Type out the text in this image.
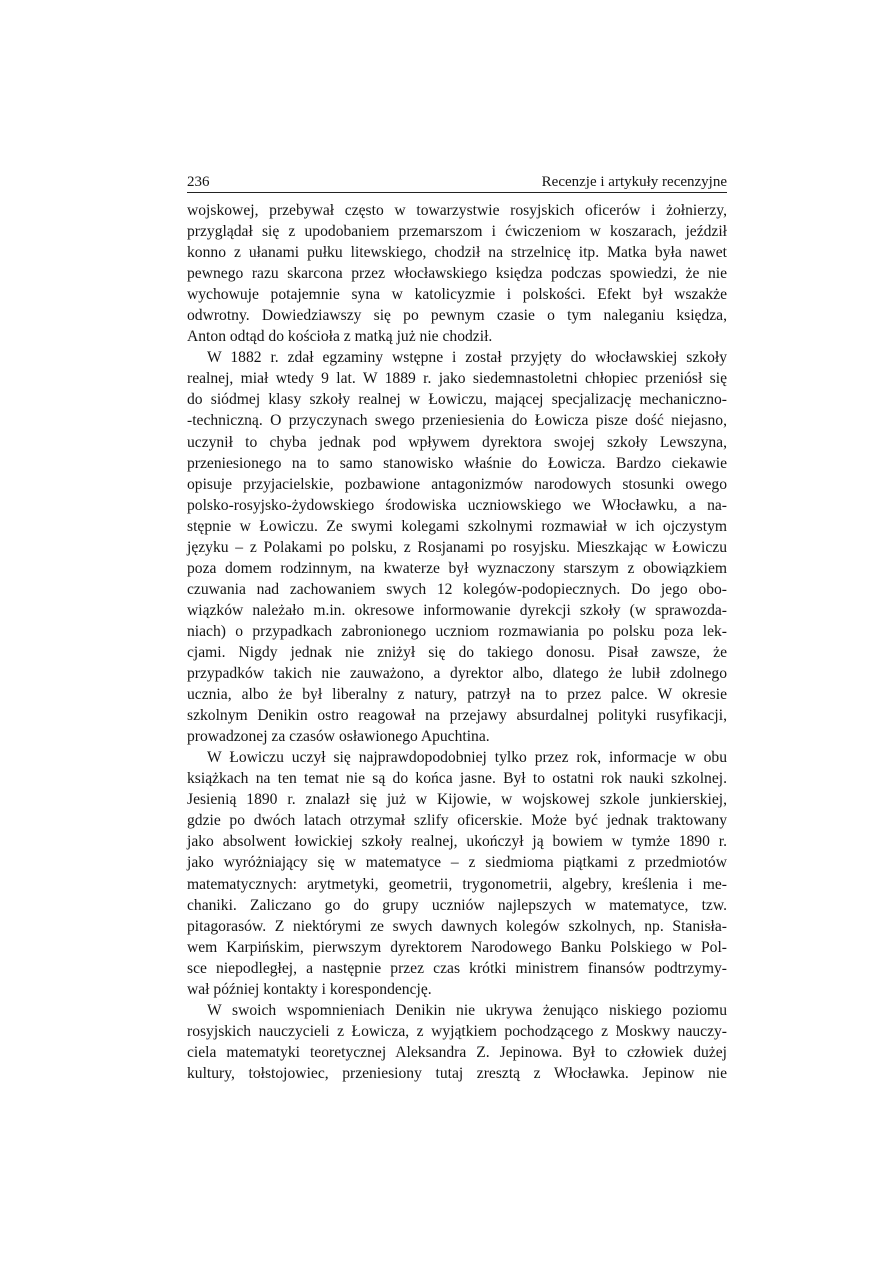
236	Recenzje i artykuły recenzyjne
wojskowej, przebywał często w towarzystwie rosyjskich oficerów i żołnierzy,
przyglądał się z upodobaniem przemarszom i ćwiczeniom w koszarach, jeździł
konno z ułanami pułku litewskiego, chodził na strzelnicę itp. Matka była nawet
pewnego razu skarcona przez włocławskiego księdza podczas spowiedzi, że nie
wychowuje potajemnie syna w katolicyzmie i polskości. Efekt był wszakże
odwrotny. Dowiedziawszy się po pewnym czasie o tym naleganiu księdza,
Anton odtąd do kościoła z matką już nie chodził.
W 1882 r. zdał egzaminy wstępne i został przyjęty do włocławskiej szkoły
realnej, miał wtedy 9 lat. W 1889 r. jako siedemnastoletni chłopiec przeniósł się
do siódmej klasy szkoły realnej w Łowiczu, mającej specjalizację mechaniczno-
-techniczną. O przyczynach swego przeniesienia do Łowicza pisze dość niejasno,
uczynił to chyba jednak pod wpływem dyrektora swojej szkoły Lewszyna,
przeniesionego na to samo stanowisko właśnie do Łowicza. Bardzo ciekawie
opisuje przyjacielskie, pozbawione antagonizmów narodowych stosunki owego
polsko-rosyjsko-żydowskiego środowiska uczniowskiego we Włocławku, a na-
stępnie w Łowiczu. Ze swymi kolegami szkolnymi rozmawiał w ich ojczystym
języku – z Polakami po polsku, z Rosjanami po rosyjsku. Mieszkając w Łowiczu
poza domem rodzinnym, na kwaterze był wyznaczony starszym z obowiązkiem
czuwania nad zachowaniem swych 12 kolegów-podopiecznych. Do jego obo-
wiązków należało m.in. okresowe informowanie dyrekcji szkoły (w sprawozda-
niach) o przypadkach zabronionego uczniom rozmawiania po polsku poza lek-
cjami. Nigdy jednak nie zniżył się do takiego donosu. Pisał zawsze, że
przypadków takich nie zauważono, a dyrektor albo, dlatego że lubił zdolnego
ucznia, albo że był liberalny z natury, patrzył na to przez palce. W okresie
szkolnym Denikin ostro reagował na przejawy absurdalnej polityki rusyfikacji,
prowadzonej za czasów osławionego Apuchtina.
W Łowiczu uczył się najprawdopodobniej tylko przez rok, informacje w obu
książkach na ten temat nie są do końca jasne. Był to ostatni rok nauki szkolnej.
Jesienią 1890 r. znalazł się już w Kijowie, w wojskowej szkole junkierskiej,
gdzie po dwóch latach otrzymał szlify oficerskie. Może być jednak traktowany
jako absolwent łowickiej szkoły realnej, ukończył ją bowiem w tymże 1890 r.
jako wyróżniający się w matematyce – z siedmioma piątkami z przedmiotów
matematycznych: arytmetyki, geometrii, trygonometrii, algebry, kreślenia i me-
chaniki. Zaliczano go do grupy uczniów najlepszych w matematyce, tzw.
pitagorasów. Z niektórymi ze swych dawnych kolegów szkolnych, np. Stanisła-
wem Karpińskim, pierwszym dyrektorem Narodowego Banku Polskiego w Pol-
sce niepodległej, a następnie przez czas krótki ministrem finansów podtrzymy-
wał później kontakty i korespondencję.
W swoich wspomnieniach Denikin nie ukrywa żenująco niskiego poziomu
rosyjskich nauczycieli z Łowicza, z wyjątkiem pochodzącego z Moskwy nauczy-
ciela matematyki teoretycznej Aleksandra Z. Jepinowa. Był to człowiek dużej
kultury, tołstojowiec, przeniesiony tutaj zresztą z Włocławka. Jepinow nie
